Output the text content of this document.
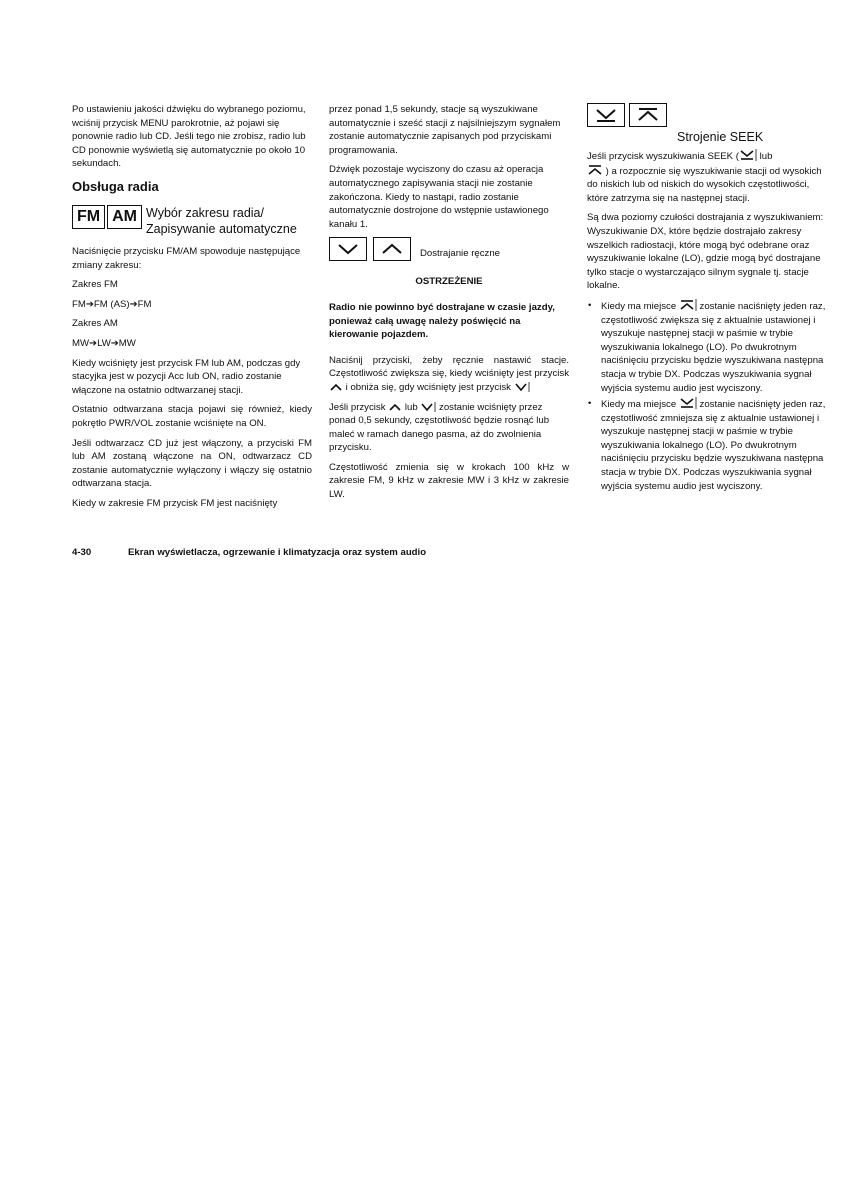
Po ustawieniu jakości dźwięku do wybranego poziomu, wciśnij przycisk MENU parokrotnie, aż pojawi się ponownie radio lub CD. Jeśli tego nie zrobisz, radio lub CD ponownie wyświetlą się automatycznie po około 10 sekundach.

Obsługa radia
FM AM Wybór zakresu radia/ Zapisywanie automatyczne

Naciśnięcie przycisku FM/AM spowoduje następujące zmiany zakresu:

Zakres FM

FM➔FM (AS)➔FM

Zakres AM

MW➔LW➔MW

Kiedy wciśnięty jest przycisk FM lub AM, podczas gdy stacyjka jest w pozycji Acc lub ON, radio zostanie włączone na ostatnio odtwarzanej stacji.

Ostatnio odtwarzana stacja pojawi się również, kiedy pokrętło PWR/VOL zostanie wciśnięte na ON.

Jeśli odtwarzacz CD już jest włączony, a przyciski FM lub AM zostaną włączone na ON, odtwarzacz CD zostanie automatycznie wyłączony i włączy się ostatnio odtwarzana stacja.

Kiedy w zakresie FM przycisk FM jest naciśnięty

przez ponad 1,5 sekundy, stacje są wyszukiwane automatycznie i sześć stacji z najsilniejszym sygnałem zostanie automatycznie zapisanych pod przyciskami programowania.

Dźwięk pozostaje wyciszony do czasu aż operacja automatycznego zapisywania stacji nie zostanie zakończona. Kiedy to nastąpi, radio zostanie automatycznie dostrojone do wstępnie ustawionego kanału 1.

OSTRZEŻENIE

Radio nie powinno być dostrajane w czasie jazdy, ponieważ całą uwagę należy poświęcić na kierowanie pojazdem.

Naciśnij przyciski, żeby ręcznie nastawić stacje. Częstotliwość zwiększa się, kiedy wciśnięty jest przycisk  i obniża się, gdy wciśnięty jest przycisk

Jeśli przycisk lub zostanie wciśnięty przez ponad 0,5 sekundy, częstotliwość będzie rosnąć lub maleć w ramach danego pasma, aż do zwolnienia przycisku.

Częstotliwość zmienia się w krokach 100 kHz w zakresie FM, 9 kHz w zakresie MW i 3 kHz w zakresie LW.

Dostrajanie ręczne

Jeśli przycisk wyszukiwania SEEK ( lub
) a rozpocznie się wyszukiwanie stacji od wysokich do niskich lub od niskich do wysokich częstotliwości, które zatrzyma się na następnej stacji.

Są dwa poziomy czułości dostrajania z wyszukiwaniem: Wyszukiwanie DX, które będzie dostrajało zakresy wszelkich radiostacji, które mogą być odebrane oraz wyszukiwanie lokalne (LO), gdzie mogą być dostrajane tylko stacje o wystarczająco silnym sygnale tj. stacje lokalne.

• Kiedy ma miejsce zostanie naciśnięty jeden raz, częstotliwość zwiększa się z aktualnie ustawionej i wyszukuje następnej stacji w paśmie w trybie wyszukiwania lokalnego (LO). Po dwukrotnym naciśnięciu przycisku będzie wyszukiwana następna stacja w trybie DX. Podczas wyszukiwania sygnał wyjścia systemu audio jest wyciszony.
• Kiedy ma miejsce zostanie naciśnięty jeden raz, częstotliwość zmniejsza się z aktualnie ustawionej i wyszukuje następnej stacji w paśmie w trybie wyszukiwania lokalnego (LO). Po dwukrotnym naciśnięciu przycisku będzie wyszukiwana następna stacja w trybie DX. Podczas wyszukiwania sygnał wyjścia systemu audio jest wyciszony.
Strojenie SEEK
4-30	Ekran wyświetlacza, ogrzewanie i klimatyzacja oraz system audio
